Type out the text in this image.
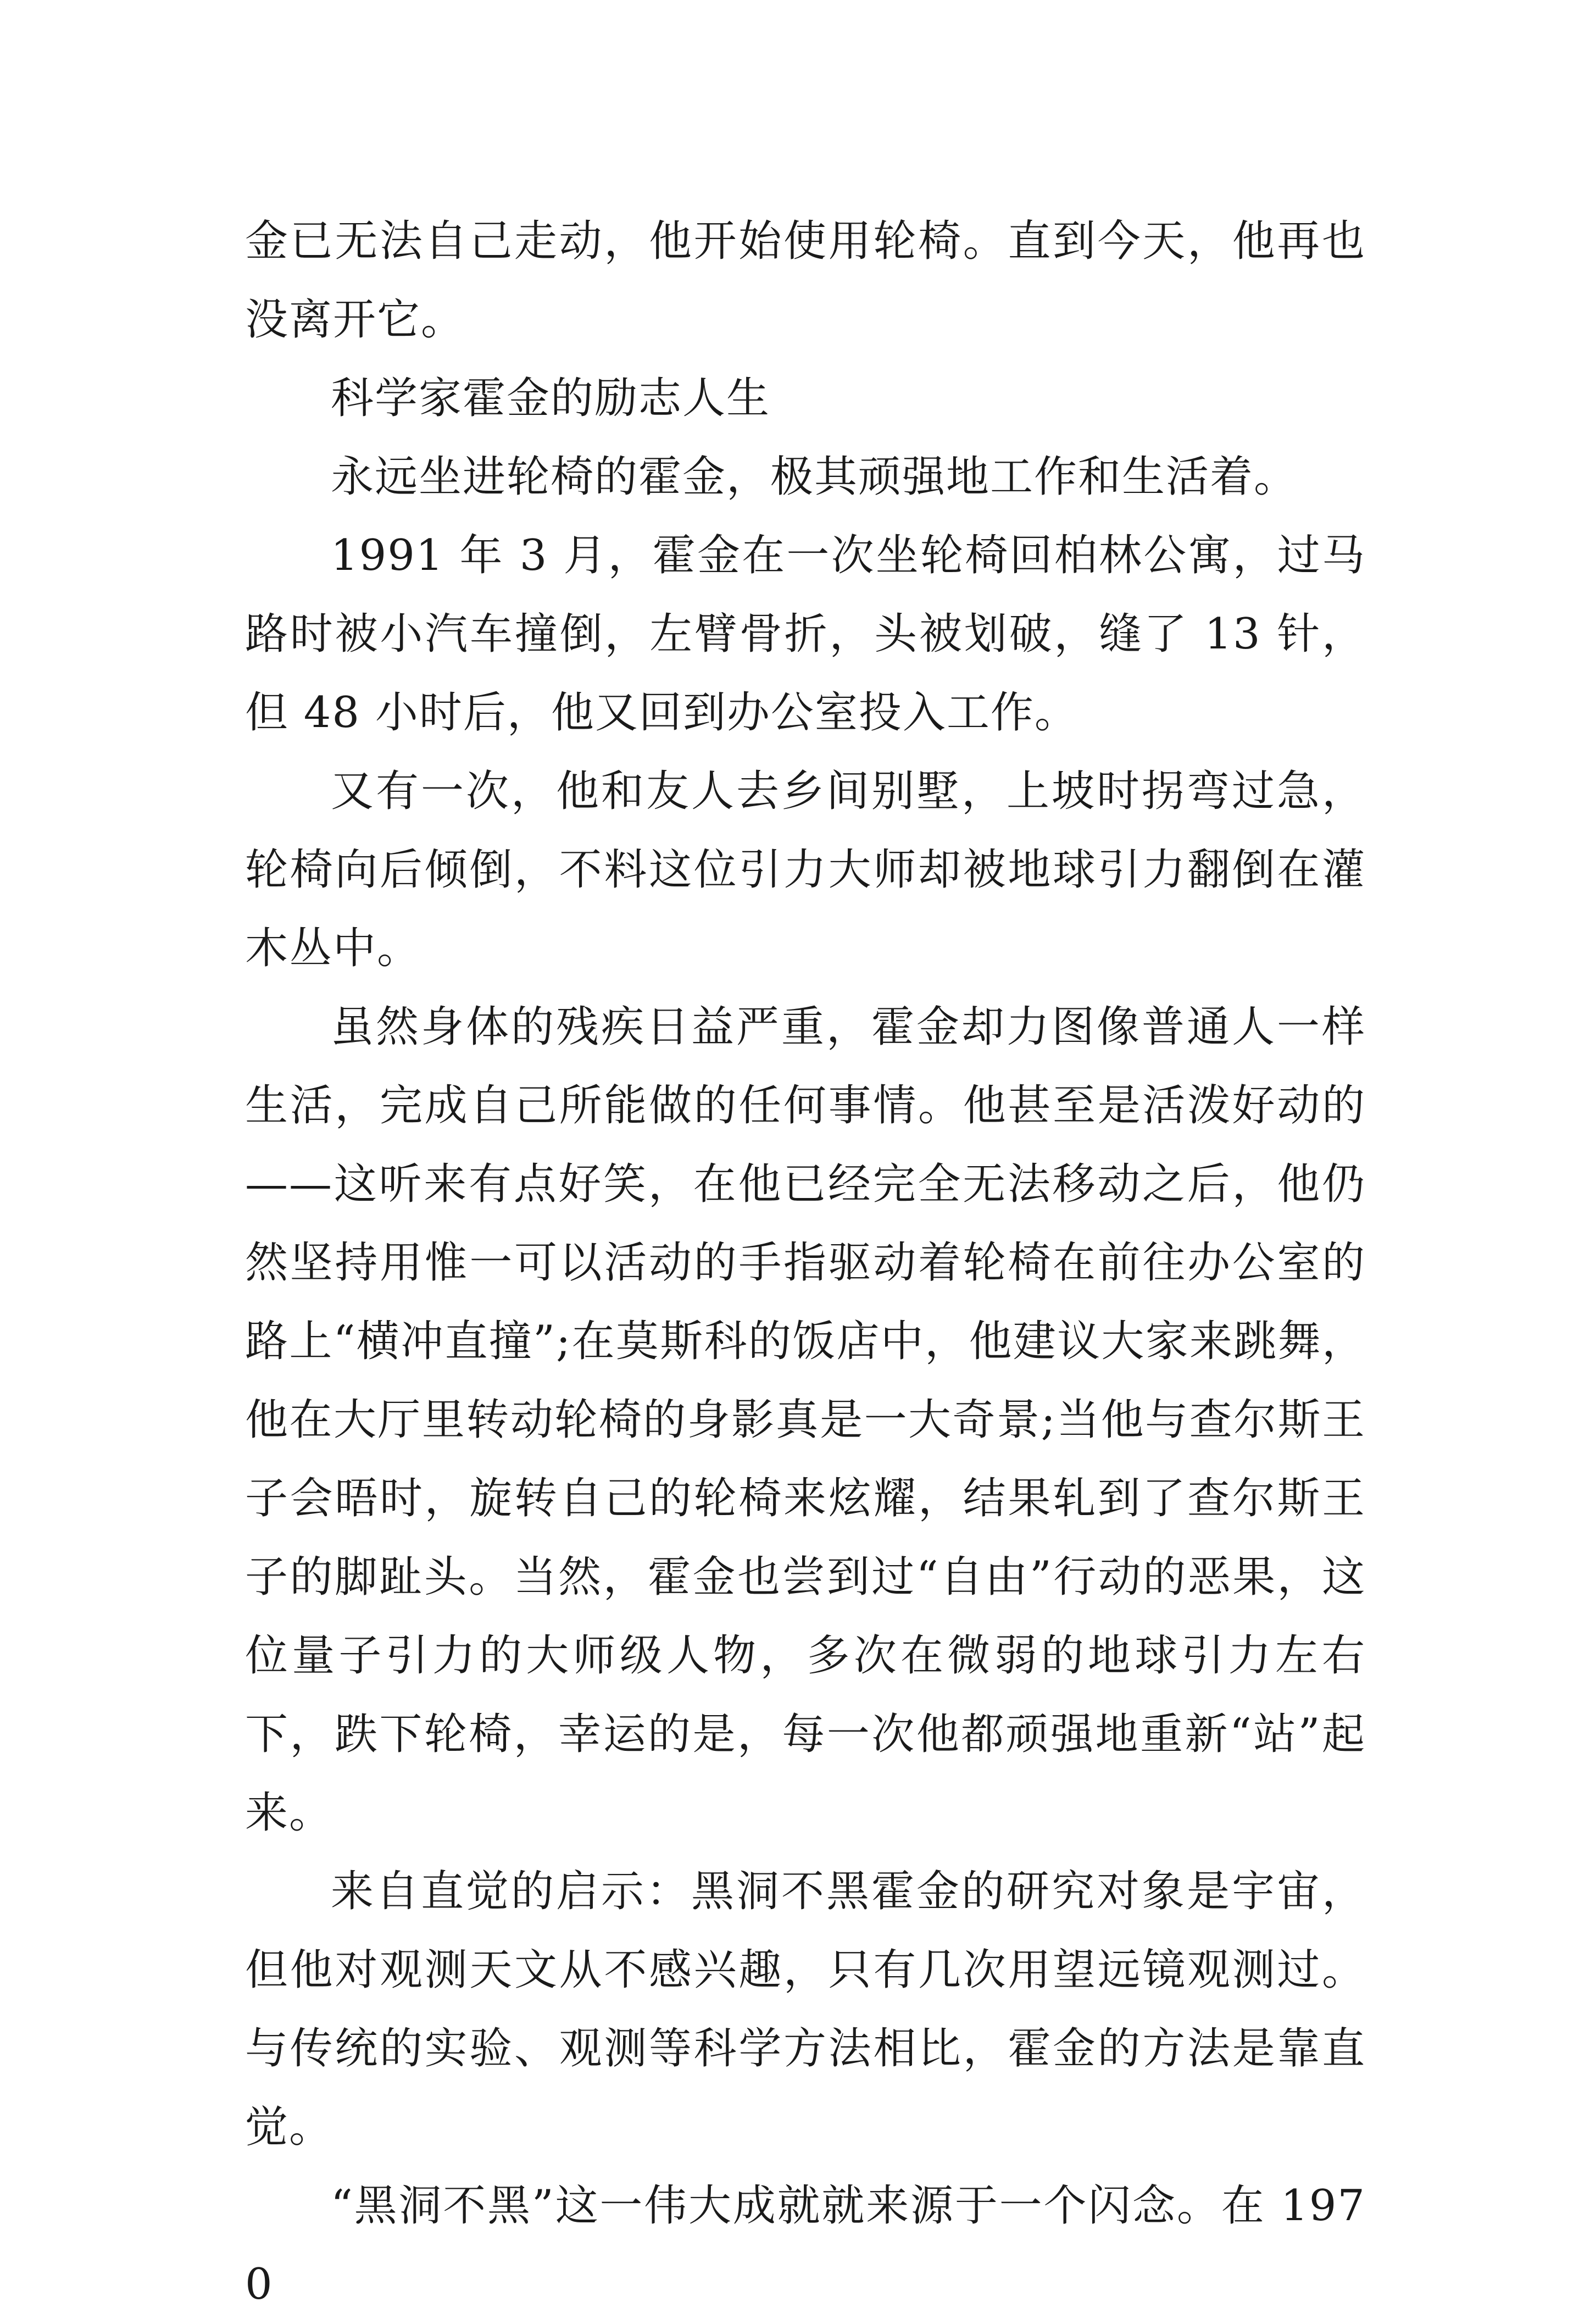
金已无法自己走动，他开始使用轮椅。直到今天，他再也没离开它。

科学家霍金的励志人生

永远坐进轮椅的霍金，极其顽强地工作和生活着。

1991 年 3 月，霍金在一次坐轮椅回柏林公寓，过马路时被小汽车撞倒，左臂骨折，头被划破，缝了 13 针，但 48 小时后，他又回到办公室投入工作。

又有一次，他和友人去乡间别墅，上坡时拐弯过急，轮椅向后倾倒，不料这位引力大师却被地球引力翻倒在灌木丛中。

虽然身体的残疾日益严重，霍金却力图像普通人一样生活，完成自己所能做的任何事情。他甚至是活泼好动的——这听来有点好笑，在他已经完全无法移动之后，他仍然坚持用惟一可以活动的手指驱动着轮椅在前往办公室的路上“横冲直撞”;在莫斯科的饭店中，他建议大家来跳舞，他在大厅里转动轮椅的身影真是一大奇景;当他与查尔斯王子会晤时，旋转自己的轮椅来炫耀，结果轧到了查尔斯王子的脚趾头。当然，霍金也尝到过“自由”行动的恶果，这位量子引力的大师级人物，多次在微弱的地球引力左右下，跌下轮椅，幸运的是，每一次他都顽强地重新“站”起来。

来自直觉的启示：黑洞不黑霍金的研究对象是宇宙，但他对观测天文从不感兴趣，只有几次用望远镜观测过。与传统的实验、观测等科学方法相比，霍金的方法是靠直觉。

“黑洞不黑”这一伟大成就就来源于一个闪念。在 1970
